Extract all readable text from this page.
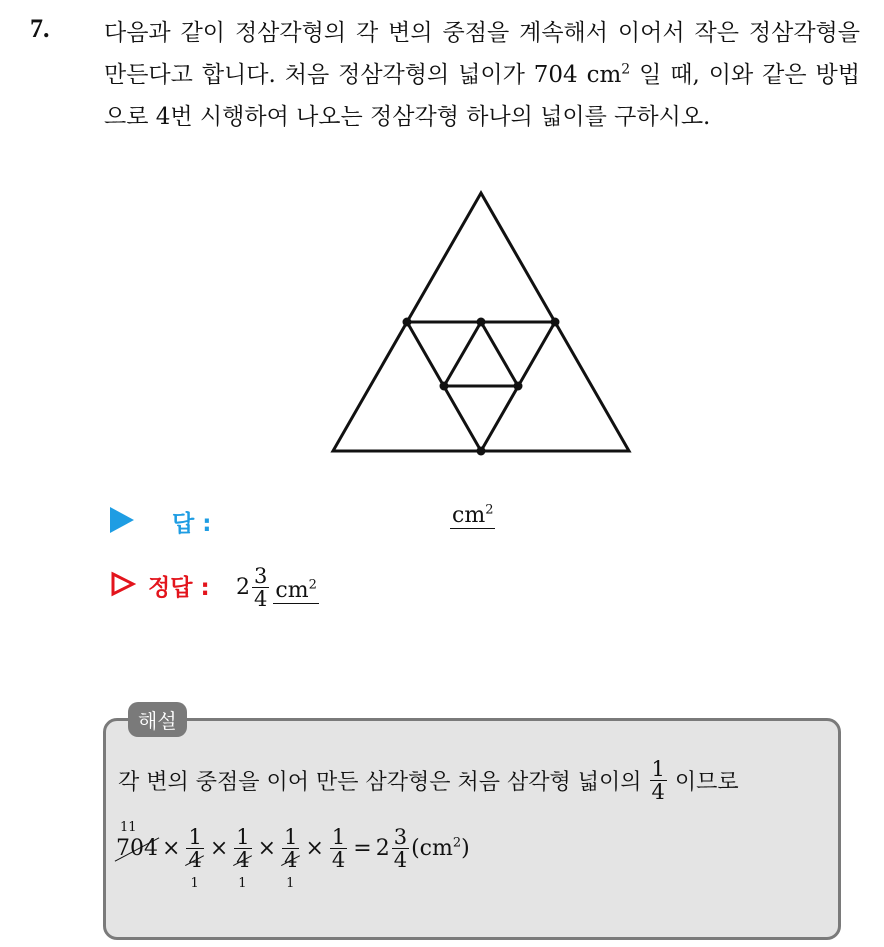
7. 다음과 같이 정삼각형의 각 변의 중점을 계속해서 이어서 작은 정삼각형을 만든다고 합니다. 처음 정삼각형의 넓이가 704 $cm^2$ 일 때, 이와 같은 방법으로 4번 시행하여 나오는 정삼각형 하나의 넓이를 구하시오.
답 :	$cm^2$
정답 : $2 \frac{3}{4} cm^2$
해설
각 변의 중점을 이어 만든 삼각형은 처음 삼각형 넓이의 $\frac{1}{4}$ 이므로
11
704 × 1
4
1 × 1
4
1 × 1
4
$1 \times \frac{1}{4} = 2 \frac{3}{4} (cm^2)$
